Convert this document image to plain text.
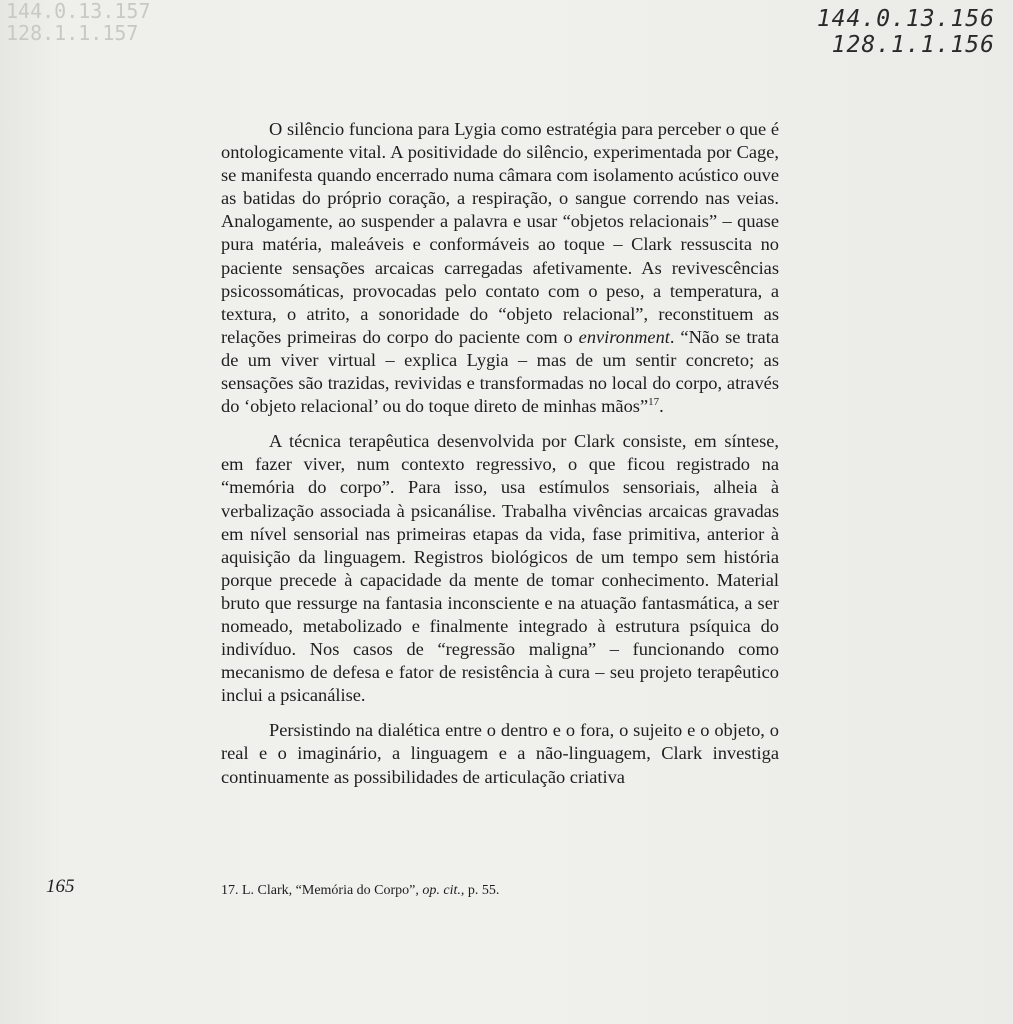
144.0.13.157
128.1.1.157
144.0.13.156
128.1.1.156

O silêncio funciona para Lygia como estratégia para perceber o que é ontologicamente vital. A positividade do silêncio, experimentada por Cage, se manifesta quando encerrado numa câmara com isolamento acústico ouve as batidas do próprio coração, a respiração, o sangue correndo nas veias. Analogamente, ao suspender a palavra e usar “objetos relacionais” – quase pura matéria, maleáveis e conformáveis ao toque – Clark ressuscita no paciente sensações arcaicas carregadas afetivamente. As revivescências psicossomáticas, provocadas pelo contato com o peso, a temperatura, a textura, o atrito, a sonoridade do “objeto relacional”, reconstituem as relações primeiras do corpo do paciente com o environment. “Não se trata de um viver virtual – explica Lygia – mas de um sentir concreto; as sensações são trazidas, revividas e transformadas no local do corpo, através do ‘objeto relacional’ ou do toque direto de minhas mãos”$^{17}$.

A técnica terapêutica desenvolvida por Clark consiste, em síntese, em fazer viver, num contexto regressivo, o que ficou registrado na “memória do corpo”. Para isso, usa estímulos sensoriais, alheia à verbalização associada à psicanálise. Trabalha vivências arcaicas gravadas em nível sensorial nas primeiras etapas da vida, fase primitiva, anterior à aquisição da linguagem. Registros biológicos de um tempo sem história porque precede à capacidade da mente de tomar conhecimento. Material bruto que ressurge na fantasia inconsciente e na atuação fantasmática, a ser nomeado, metabolizado e finalmente integrado à estrutura psíquica do indivíduo. Nos casos de “regressão maligna” – funcionando como mecanismo de defesa e fator de resistência à cura – seu projeto terapêutico inclui a psicanálise.

Persistindo na dialética entre o dentro e o fora, o sujeito e o objeto, o real e o imaginário, a linguagem e a não-linguagem, Clark investiga continuamente as possibilidades de articulação criativa

165	17. L. Clark, “Memória do Corpo”, op. cit., p. 55.
